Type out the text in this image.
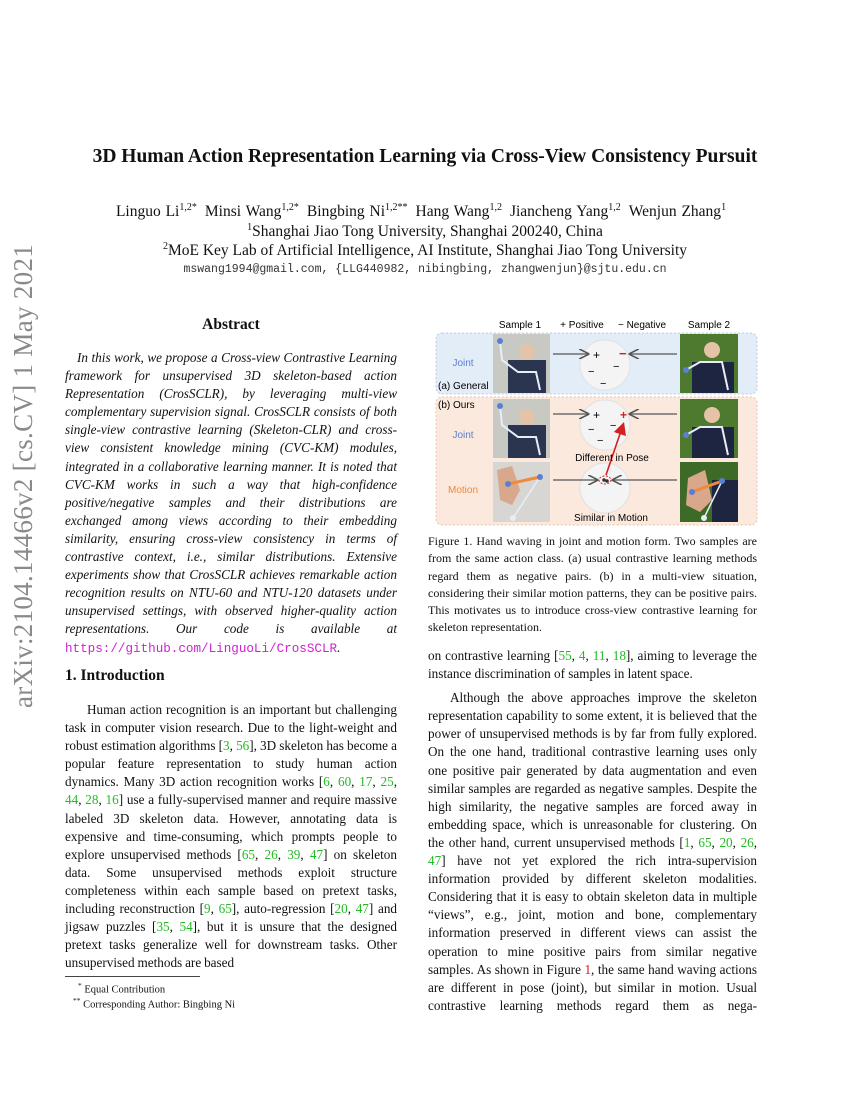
arXiv:2104.14466v2 [cs.CV] 1 May 2021
3D Human Action Representation Learning via Cross-View Consistency Pursuit
Linguo $Li^{1,2*}$ Minsi Wang$^{1,2*}$ Bingbing $Ni^{1,2**}$ Hang Wang$^{1,2}$ Jiancheng Yang$^{1,2}$ Wenjun Zhang$^1$
$^1$Shanghai Jiao Tong University, Shanghai 200240, China
$^2$MoE Key Lab of Artificial Intelligence, AI Institute, Shanghai Jiao Tong University
mswang1994@gmail.com, {LLG440982, nibingbing, zhangwenjun}@sjtu.edu.cn
Abstract
In this work, we propose a Cross-view Contrastive Learning framework for unsupervised 3D skeleton-based action Representation (CrosSCLR), by leveraging multi-view complementary supervision signal. CrosSCLR consists of both single-view contrastive learning (Skeleton-CLR) and cross-view consistent knowledge mining (CVC-KM) modules, integrated in a collaborative learning manner. It is noted that CVC-KM works in such a way that high-confidence positive/negative samples and their distributions are exchanged among views according to their embedding similarity, ensuring cross-view consistency in terms of contrastive context, i.e., similar distributions. Extensive experiments show that CrosSCLR achieves remarkable action recognition results on NTU-60 and NTU-120 datasets under unsupervised settings, with observed higher-quality action representations. Our code is available at https://github.com/LinguoLi/CrosSCLR.
1. Introduction
Human action recognition is an important but challenging task in computer vision research. Due to the light-weight and robust estimation algorithms [3, 56], 3D skeleton has become a popular feature representation to study human action dynamics. Many 3D action recognition works [6, 60, 17, 25, 44, 28, 16] use a fully-supervised manner and require massive labeled 3D skeleton data. However, annotating data is expensive and time-consuming, which prompts people to explore unsupervised methods [65, 26, 39, 47] on skeleton data. Some unsupervised methods exploit structure completeness within each sample based on pretext tasks, including reconstruction [9, 65], auto-regression [20, 47] and jigsaw puzzles [35, 54], but it is unsure that the designed pretext tasks generalize well for downstream tasks. Other unsupervised methods are based

on contrastive learning [55, 4, 11, 18], aiming to leverage the instance discrimination of samples in latent space.

Although the above approaches improve the skeleton representation capability to some extent, it is believed that the power of unsupervised methods is by far from fully explored. On the one hand, traditional contrastive learning uses only one positive pair generated by data augmentation and even similar samples are regarded as negative samples. Despite the high similarity, the negative samples are forced away in embedding space, which is unreasonable for clustering. On the other hand, current unsupervised methods [1, 65, 20, 26, 47] have not yet explored the rich intra-supervision information provided by different skeleton modalities. Considering that it is easy to obtain skeleton data in multiple “views”, e.g., joint, motion and bone, complementary information preserved in different views can assist the operation to mine positive pairs from similar negative samples. As shown in Figure 1, the same hand waving actions are different in pose (joint), but similar in motion. Usual contrastive learning methods regard them as nega-

Sample 1 + Positive − Negative Sample 2
Joint
(a) General
(b) Ours
Joint
Motion
+ −
− −
−
+ +
− −
−
Different in Pose
Similar in Motion
Figure 1. Hand waving in joint and motion form. Two samples are from the same action class. (a) usual contrastive learning methods regard them as negative pairs. (b) in a multi-view situation, considering their similar motion patterns, they can be positive pairs. This motivates us to introduce cross-view contrastive learning for skeleton representation.
* Equal Contribution
** Corresponding Author: Bingbing Ni
